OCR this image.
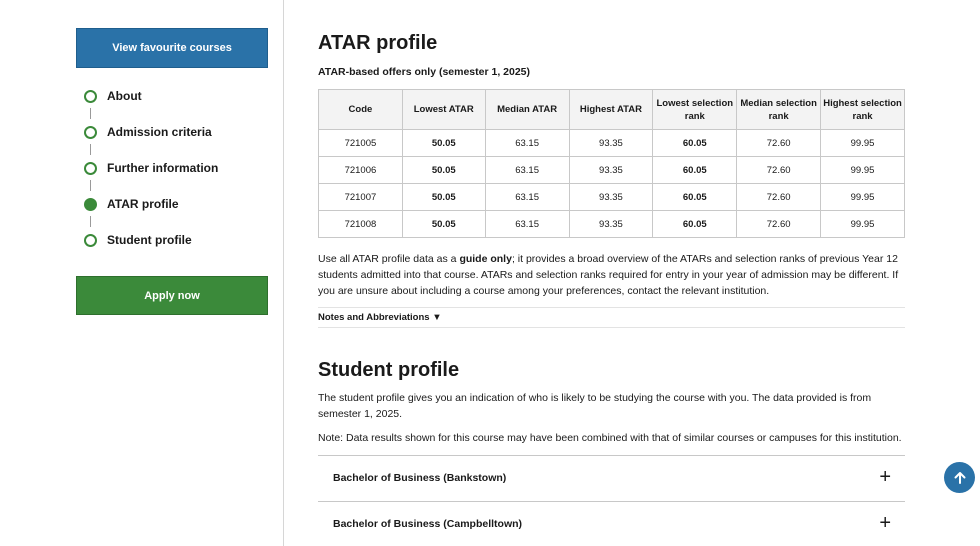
View favourite courses
About
Admission criteria
Further information
ATAR profile
Student profile
Apply now
ATAR profile
ATAR-based offers only (semester 1, 2025)
Code	Lowest ATAR	Median ATAR	Highest ATAR	Lowest selection rank	Median selection rank	Highest selection rank
721005	50.05	63.15	93.35	60.05	72.60	99.95
721006	50.05	63.15	93.35	60.05	72.60	99.95
721007	50.05	63.15	93.35	60.05	72.60	99.95
721008	50.05	63.15	93.35	60.05	72.60	99.95

Use all ATAR profile data as a guide only; it provides a broad overview of the ATARs and selection ranks of previous Year 12 students admitted into that course. ATARs and selection ranks required for entry in your year of admission may be different. If you are unsure about including a course among your preferences, contact the relevant institution.

Notes and Abbreviations ▼
Student profile

The student profile gives you an indication of who is likely to be studying the course with you. The data provided is from semester 1, 2025.

Note: Data results shown for this course may have been combined with that of similar courses or campuses for this institution.

Bachelor of Business (Bankstown)	+
Bachelor of Business (Campbelltown)	+
